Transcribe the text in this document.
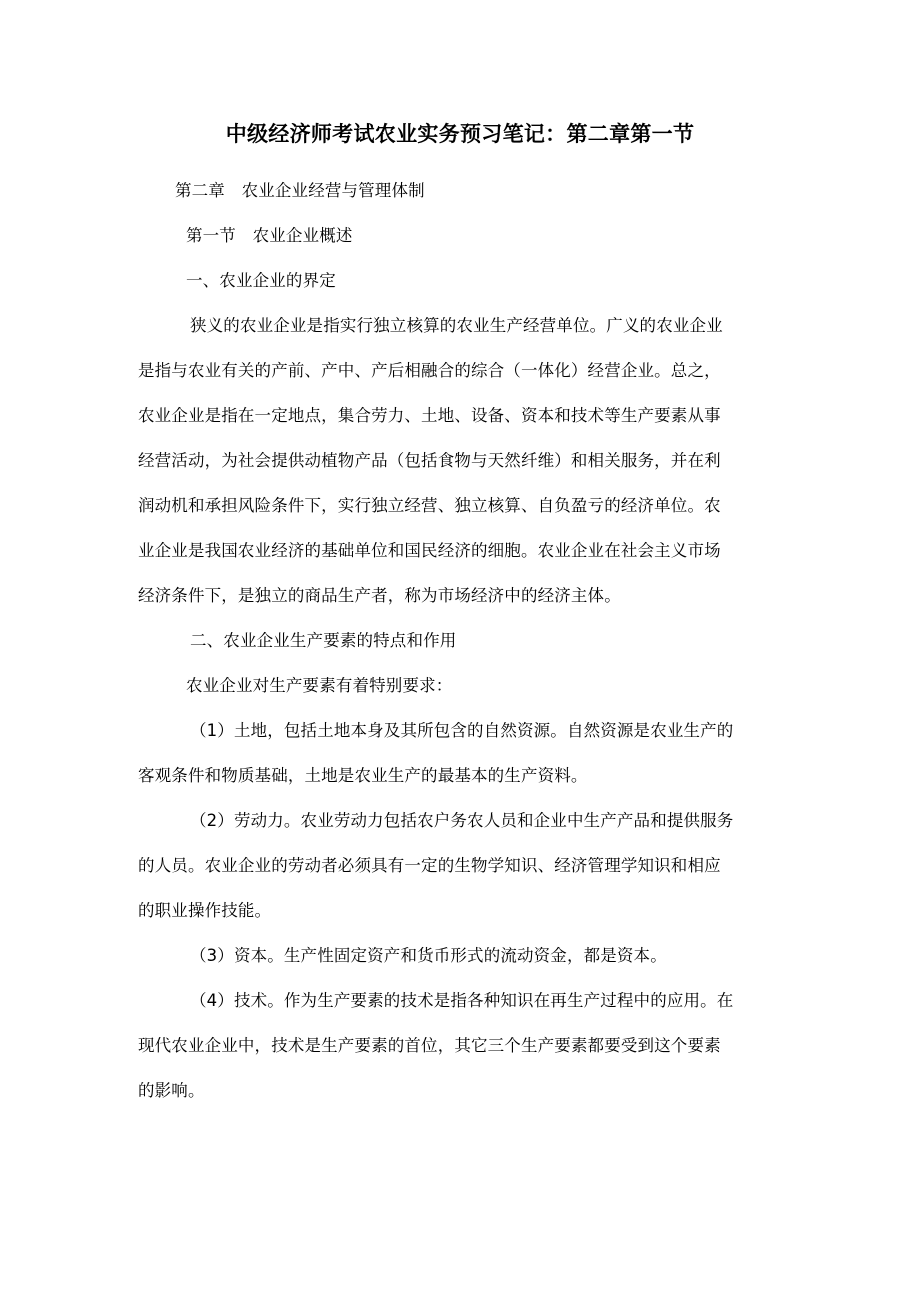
中级经济师考试农业实务预习笔记：第二章第一节
第二章　农业企业经营与管理体制
第一节　农业企业概述
一、农业企业的界定
狭义的农业企业是指实行独立核算的农业生产经营单位。广义的农业企业
是指与农业有关的产前、产中、产后相融合的综合（一体化）经营企业。总之，
农业企业是指在一定地点，集合劳力、土地、设备、资本和技术等生产要素从事
经营活动，为社会提供动植物产品（包括食物与天然纤维）和相关服务，并在利
润动机和承担风险条件下，实行独立经营、独立核算、自负盈亏的经济单位。农
业企业是我国农业经济的基础单位和国民经济的细胞。农业企业在社会主义市场
经济条件下，是独立的商品生产者，称为市场经济中的经济主体。
二、农业企业生产要素的特点和作用
农业企业对生产要素有着特别要求：
（1）土地，包括土地本身及其所包含的自然资源。自然资源是农业生产的
客观条件和物质基础，土地是农业生产的最基本的生产资料。
（2）劳动力。农业劳动力包括农户务农人员和企业中生产产品和提供服务
的人员。农业企业的劳动者必须具有一定的生物学知识、经济管理学知识和相应
的职业操作技能。
（3）资本。生产性固定资产和货币形式的流动资金，都是资本。
（4）技术。作为生产要素的技术是指各种知识在再生产过程中的应用。在
现代农业企业中，技术是生产要素的首位，其它三个生产要素都要受到这个要素
的影响。
